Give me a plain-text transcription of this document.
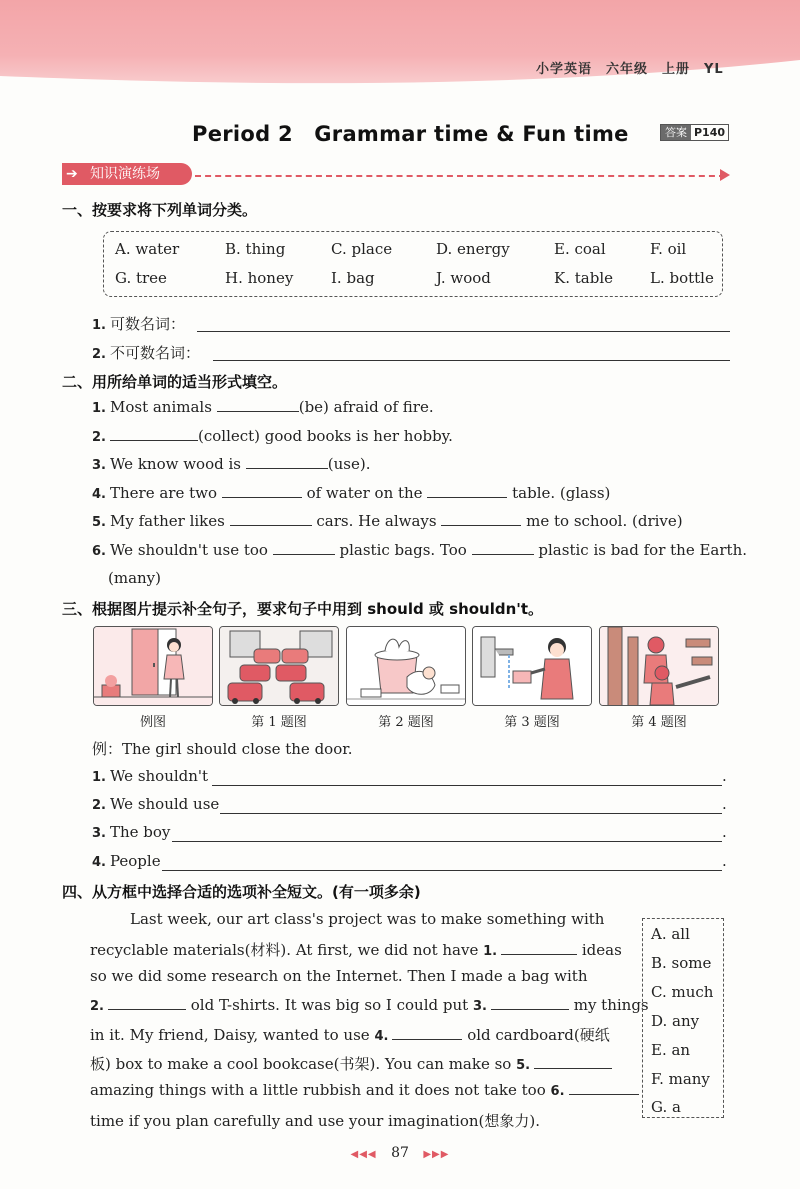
小学英语　六年级　上册　YL
Period 2　Grammar time & Fun time	答案 P140
➔ 知识演练场
一、按要求将下列单词分类。
A. water	B. thing	C. place	D. energy	E. coal	F. oil
G. tree	H. honey	I. bag	J. wood	K. table L. bottle
1. 可数名词：
2. 不可数名词：
二、用所给单词的适当形式填空。
1. Most animals	(be) afraid of fire.
2.	(collect) good books is her hobby.
3. We know wood is	(use).
4. There are two	of water on the	table. (glass)
5. My father likes	cars. He always	me to school. (drive)
6. We shouldn't use too	plastic bags. Too	plastic is bad for the Earth.
(many)
三、根据图片提示补全句子，要求句子中用到 should 或 shouldn't。
例图	第 1 题图	第 2 题图	第 3 题图	第 4 题图
例：The girl should close the door.
1. We shouldn't	.
2. We should use	.
3. The boy	.
4. People	.
四、从方框中选择合适的选项补全短文。(有一项多余)
Last week, our art class's project was to make something with
recyclable materials(材料). At first, we did not have 1.	ideas
so we did some research on the Internet. Then I made a bag with
2.	old T-shirts. It was big so I could put 3.	my things
in it. My friend, Daisy, wanted to use 4.	old cardboard(硬纸
板) box to make a cool bookcase(书架). You can make so 5.
amazing things with a little rubbish and it does not take too 6.
time if you plan carefully and use your imagination(想象力).
A. all
B. some
C. much
D. any
E. an
F. many
G. a
◀◀◀ 87 ▶▶▶
